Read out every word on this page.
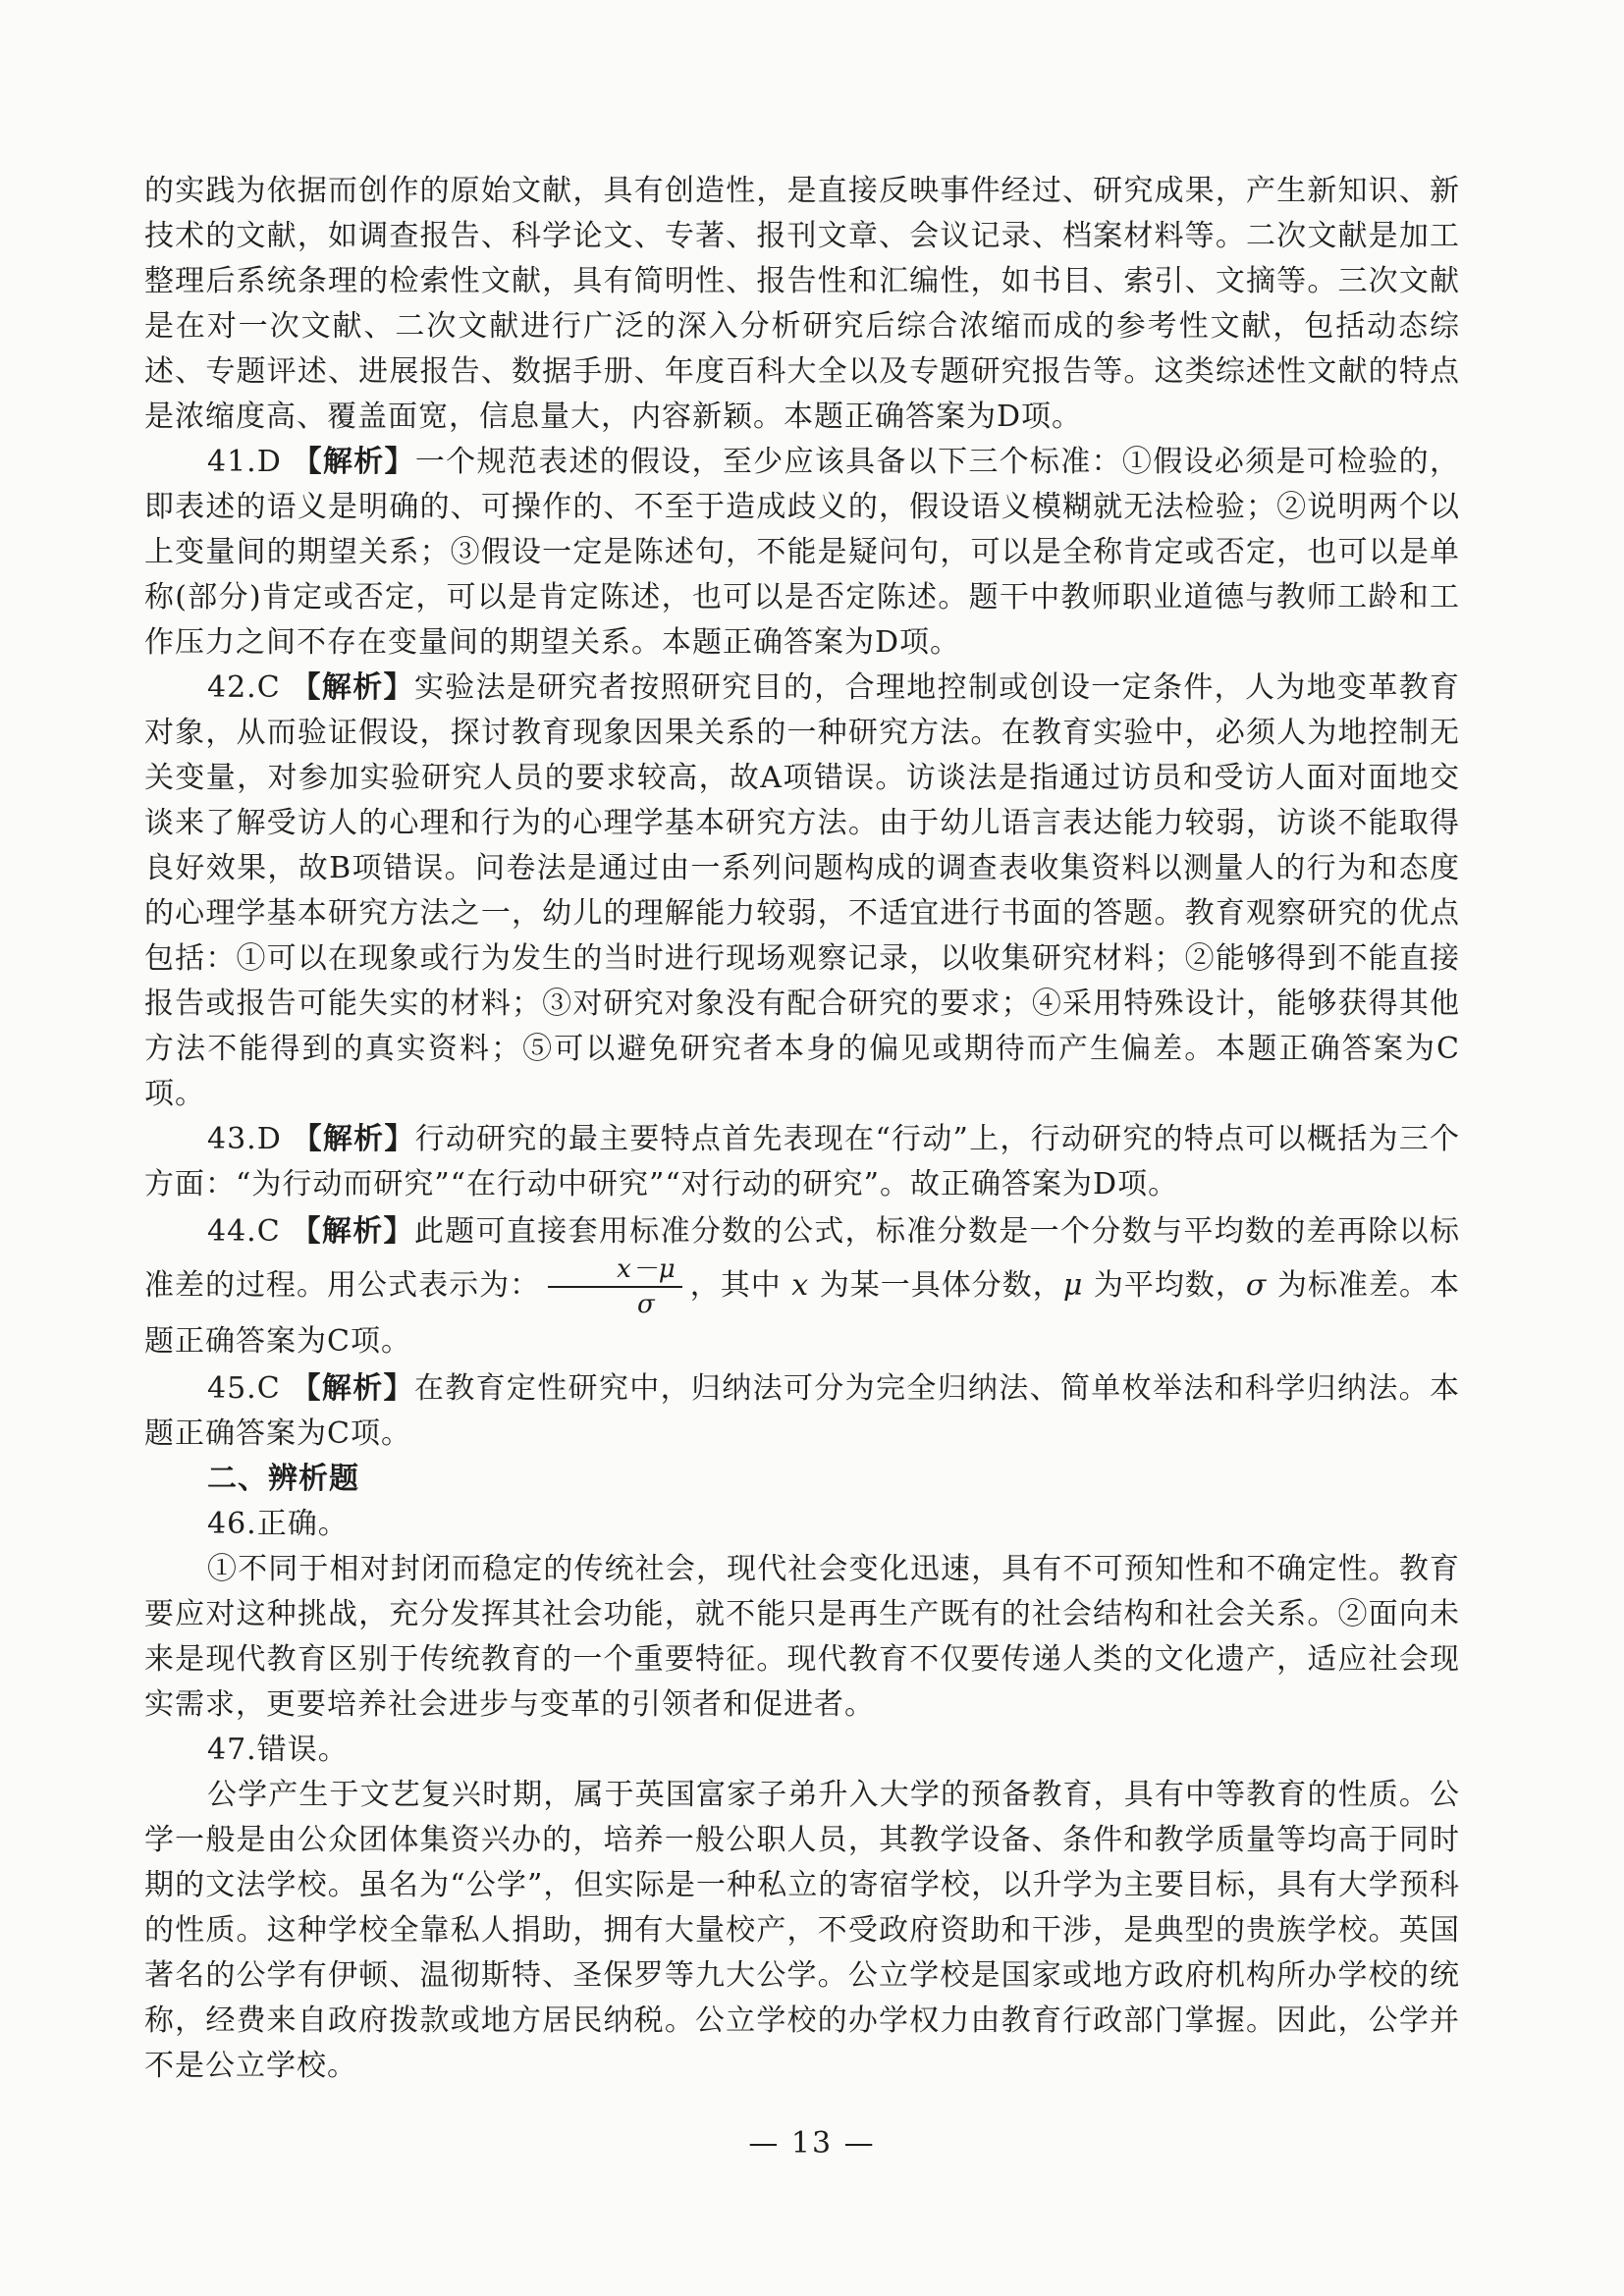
的实践为依据而创作的原始文献，具有创造性，是直接反映事件经过、研究成果，产生新知识、新技术的文献，如调查报告、科学论文、专著、报刊文章、会议记录、档案材料等。二次文献是加工整理后系统条理的检索性文献，具有简明性、报告性和汇编性，如书目、索引、文摘等。三次文献是在对一次文献、二次文献进行广泛的深入分析研究后综合浓缩而成的参考性文献，包括动态综述、专题评述、进展报告、数据手册、年度百科大全以及专题研究报告等。这类综述性文献的特点是浓缩度高、覆盖面宽，信息量大，内容新颖。本题正确答案为D项。

41.D 【解析】一个规范表述的假设，至少应该具备以下三个标准：①假设必须是可检验的，即表述的语义是明确的、可操作的、不至于造成歧义的，假设语义模糊就无法检验；②说明两个以上变量间的期望关系；③假设一定是陈述句，不能是疑问句，可以是全称肯定或否定，也可以是单称(部分)肯定或否定，可以是肯定陈述，也可以是否定陈述。题干中教师职业道德与教师工龄和工作压力之间不存在变量间的期望关系。本题正确答案为D项。

42.C 【解析】实验法是研究者按照研究目的，合理地控制或创设一定条件，人为地变革教育对象，从而验证假设，探讨教育现象因果关系的一种研究方法。在教育实验中，必须人为地控制无关变量，对参加实验研究人员的要求较高，故A项错误。访谈法是指通过访员和受访人面对面地交谈来了解受访人的心理和行为的心理学基本研究方法。由于幼儿语言表达能力较弱，访谈不能取得良好效果，故B项错误。问卷法是通过由一系列问题构成的调查表收集资料以测量人的行为和态度的心理学基本研究方法之一，幼儿的理解能力较弱，不适宜进行书面的答题。教育观察研究的优点包括：①可以在现象或行为发生的当时进行现场观察记录，以收集研究材料；②能够得到不能直接报告或报告可能失实的材料；③对研究对象没有配合研究的要求；④采用特殊设计，能够获得其他方法不能得到的真实资料；⑤可以避免研究者本身的偏见或期待而产生偏差。本题正确答案为C项。

43.D 【解析】行动研究的最主要特点首先表现在“行动”上，行动研究的特点可以概括为三个方面：“为行动而研究”“在行动中研究”“对行动的研究”。故正确答案为D项。

44.C 【解析】此题可直接套用标准分数的公式，标准分数是一个分数与平均数的差再除以标准差的过程。用公式表示为： $\frac{x-\mu}{\sigma}$ ，其中 x 为某一具体分数，μ 为平均数，σ 为标准差。本题正确答案为C项。

45.C 【解析】在教育定性研究中，归纳法可分为完全归纳法、简单枚举法和科学归纳法。本题正确答案为C项。

二、辨析题

46.正确。

①不同于相对封闭而稳定的传统社会，现代社会变化迅速，具有不可预知性和不确定性。教育要应对这种挑战，充分发挥其社会功能，就不能只是再生产既有的社会结构和社会关系。②面向未来是现代教育区别于传统教育的一个重要特征。现代教育不仅要传递人类的文化遗产，适应社会现实需求，更要培养社会进步与变革的引领者和促进者。

47.错误。

公学产生于文艺复兴时期，属于英国富家子弟升入大学的预备教育，具有中等教育的性质。公学一般是由公众团体集资兴办的，培养一般公职人员，其教学设备、条件和教学质量等均高于同时期的文法学校。虽名为“公学”，但实际是一种私立的寄宿学校，以升学为主要目标，具有大学预科的性质。这种学校全靠私人捐助，拥有大量校产，不受政府资助和干涉，是典型的贵族学校。英国著名的公学有伊顿、温彻斯特、圣保罗等九大公学。公立学校是国家或地方政府机构所办学校的统称，经费来自政府拨款或地方居民纳税。公立学校的办学权力由教育行政部门掌握。因此，公学并不是公立学校。

— 13 —
